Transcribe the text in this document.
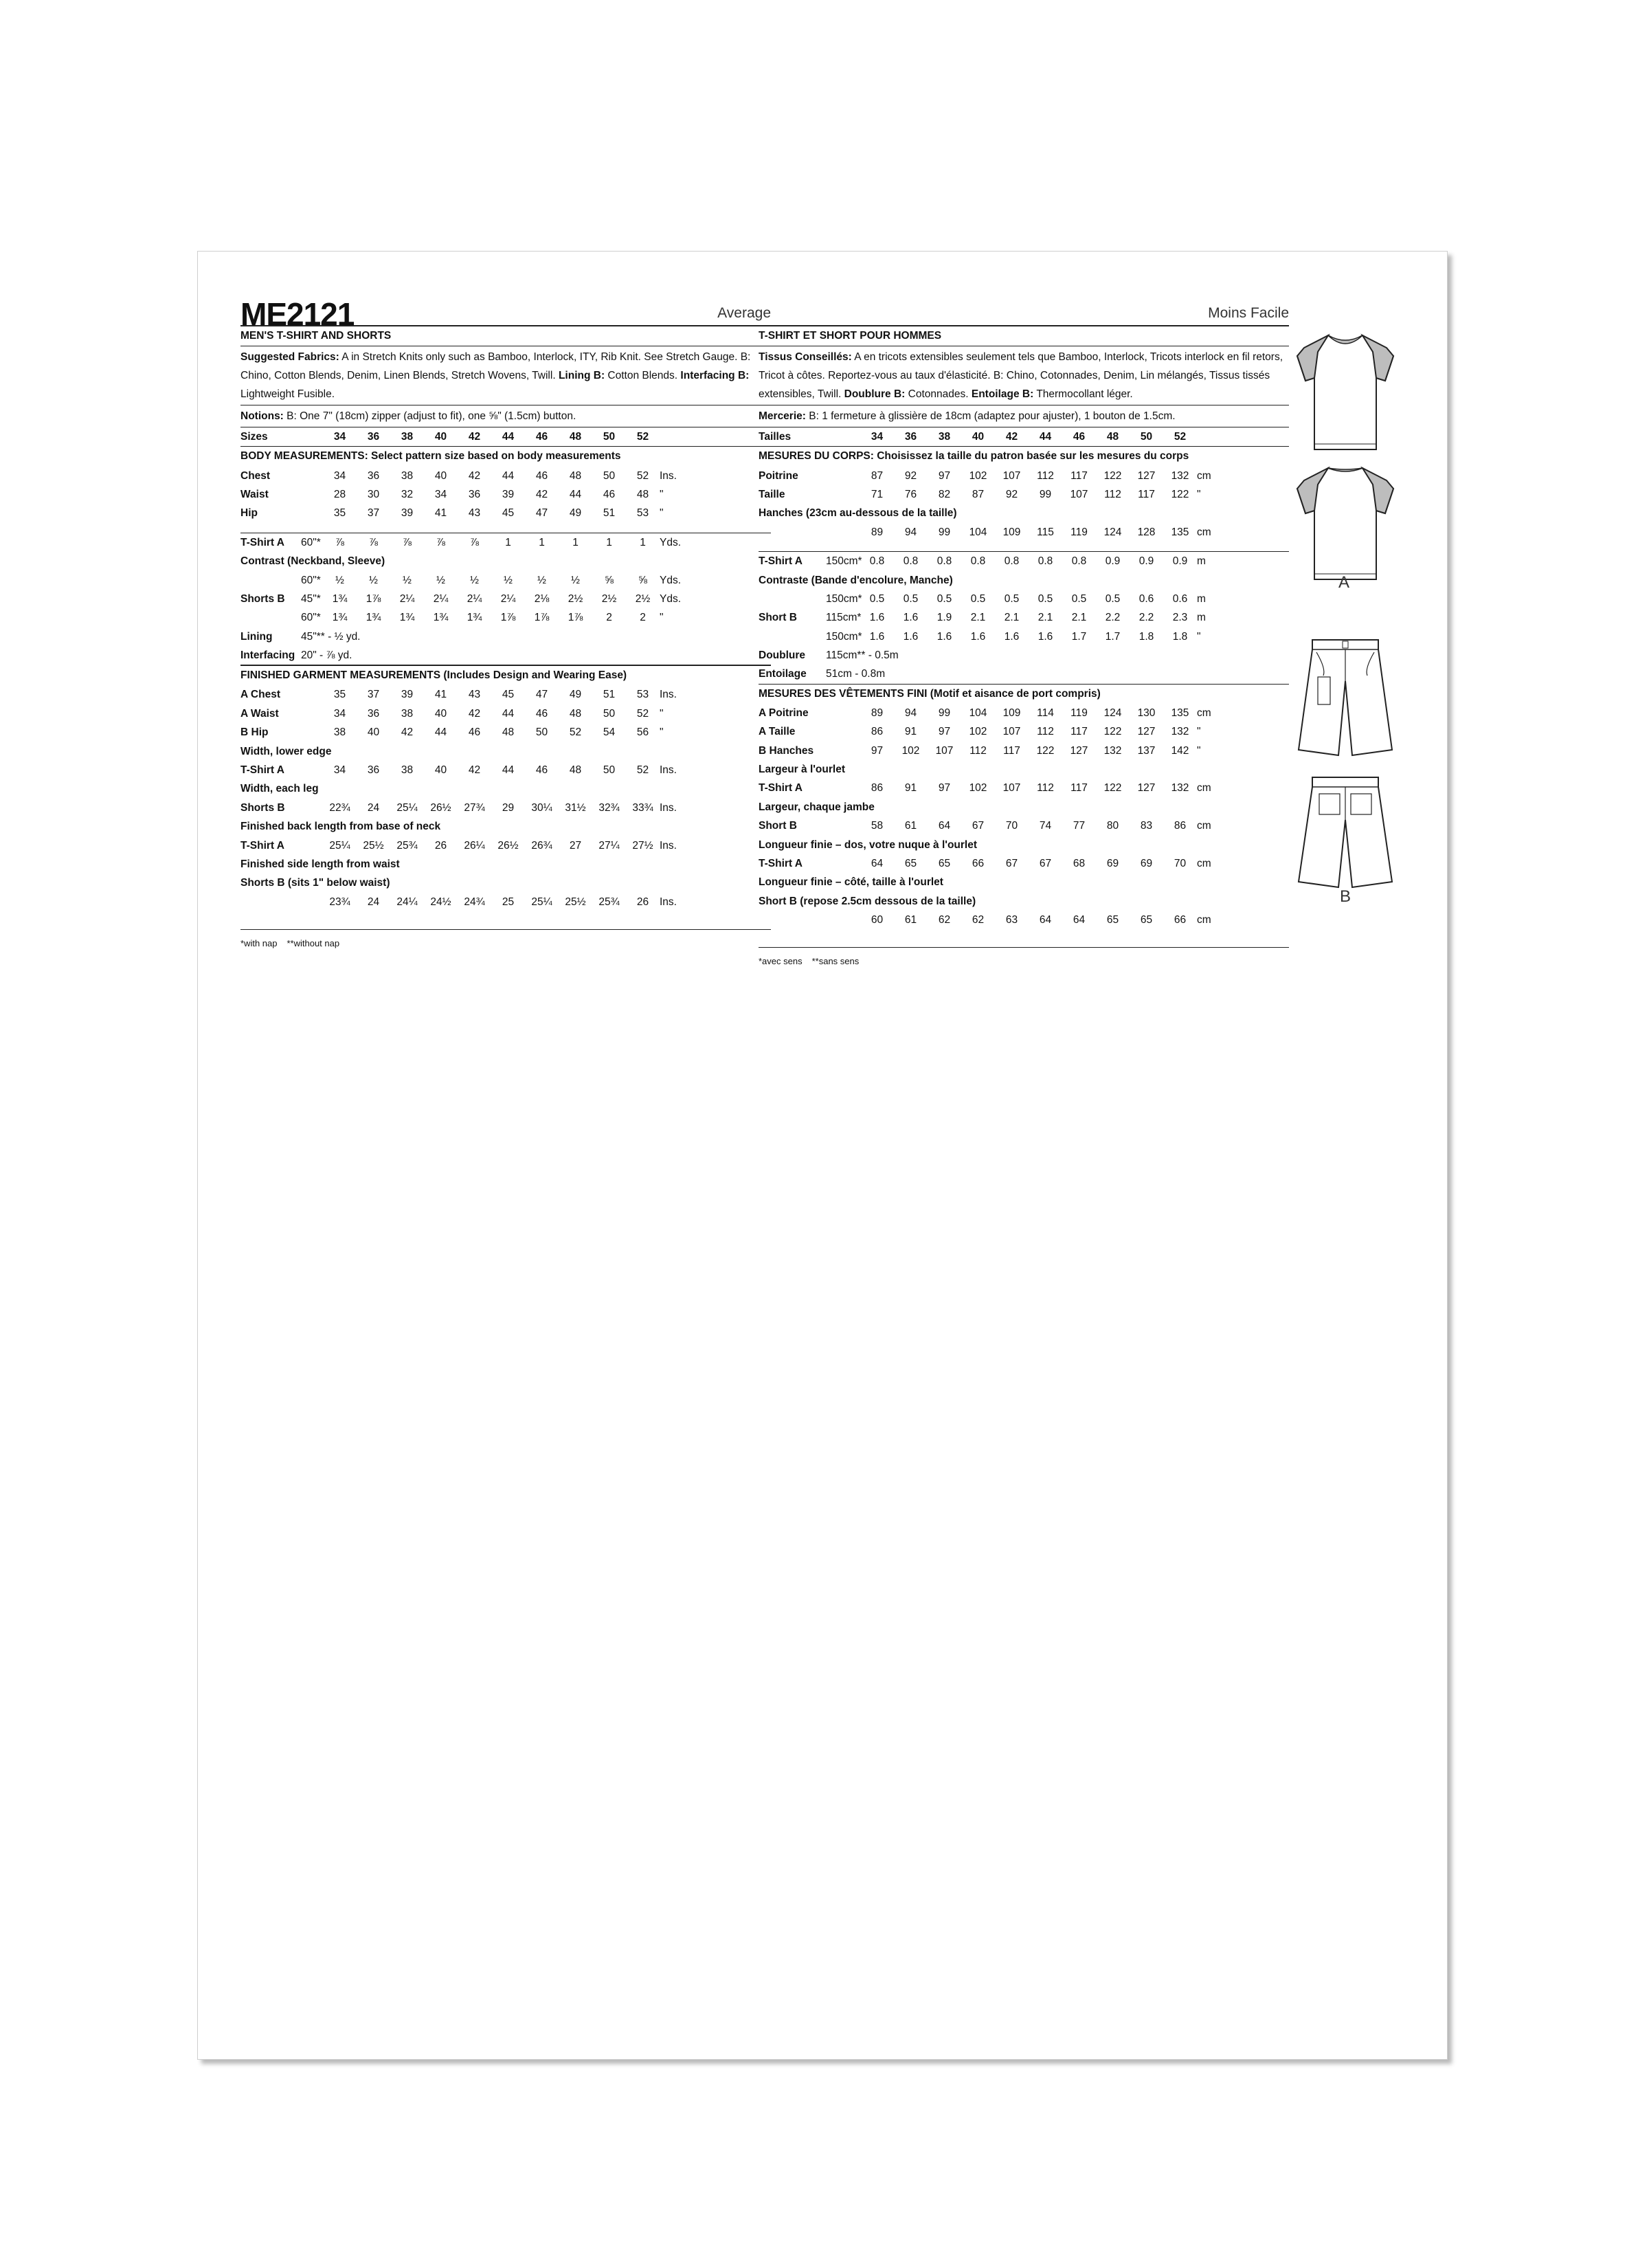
ME2121	Average
MEN'S T-SHIRT AND SHORTS
Suggested Fabrics: A in Stretch Knits only such as Bamboo, Interlock, ITY, Rib Knit. See Stretch Gauge. B: Chino, Cotton Blends, Denim, Linen Blends, Stretch Wovens, Twill. Lining B: Cotton Blends. Interfacing B: Lightweight Fusible.
Notions: B: One 7" (18cm) zipper (adjust to fit), one ⅝" (1.5cm) button.
Sizes		34	36	38	40	42	44	46	48	50	52	
BODY MEASUREMENTS: Select pattern size based on body measurements
Chest		34	36	38	40	42	44	46	48	50	52	Ins.
Waist		28	30	32	34	36	39	42	44	46	48	"
Hip		35	37	39	41	43	45	47	49	51	53	"
T-Shirt A	60"*	⅞	⅞	⅞	⅞	⅞	1	1	1	1	1	Yds.
Contrast (Neckband, Sleeve)												
	60"*	½	½	½	½	½	½	½	½	⅝	⅝	Yds.
Shorts B	45"*	1¾	1⅞	2¼	2¼	2¼	2¼	2⅛	2½	2½	2½	Yds.
	60"*	1¾	1¾	1¾	1¾	1¾	1⅞	1⅞	1⅞	2	2	"
Lining	45"** - ½ yd.
Interfacing	20" - ⅞ yd.
FINISHED GARMENT MEASUREMENTS (Includes Design and Wearing Ease)
A Chest		35	37	39	41	43	45	47	49	51	53	Ins.
A Waist		34	36	38	40	42	44	46	48	50	52	"
B Hip		38	40	42	44	46	48	50	52	54	56	"
Width, lower edge												
T-Shirt A		34	36	38	40	42	44	46	48	50	52	Ins.
Width, each leg												
Shorts B		22¾	24	25¼	26½	27¾	29	30¼	31½	32¾	33¾	Ins.
Finished back length from base of neck												
T-Shirt A		25¼	25½	25¾	26	26¼	26½	26¾	27	27¼	27½	Ins.
Finished side length from waist												
Shorts B (sits 1" below waist)												
		23¾	24	24¼	24½	24¾	25	25¼	25½	25¾	26	Ins.
*with nap **without nap
Moins Facile
T-SHIRT ET SHORT POUR HOMMES
Tissus Conseillés: A en tricots extensibles seulement tels que Bamboo, Interlock, Tricots interlock en fil retors, Tricot à côtes. Reportez-vous au taux d'élasticité. B: Chino, Cotonnades, Denim, Lin mélangés, Tissus tissés extensibles, Twill. Doublure B: Cotonnades. Entoilage B: Thermocollant léger.
Mercerie: B: 1 fermeture à glissière de 18cm (adaptez pour ajuster), 1 bouton de 1.5cm.
Tailles		34	36	38	40	42	44	46	48	50	52	
MESURES DU CORPS: Choisissez la taille du patron basée sur les mesures du corps
Poitrine		87	92	97	102	107	112	117	122	127	132	cm
Taille		71	76	82	87	92	99	107	112	117	122	"
Hanches (23cm au-dessous de la taille)												
		89	94	99	104	109	115	119	124	128	135	cm
T-Shirt A	150cm*	0.8	0.8	0.8	0.8	0.8	0.8	0.8	0.9	0.9	0.9	m
Contraste (Bande d'encolure, Manche)												
	150cm*	0.5	0.5	0.5	0.5	0.5	0.5	0.5	0.5	0.6	0.6	m
Short B	115cm*	1.6	1.6	1.9	2.1	2.1	2.1	2.1	2.2	2.2	2.3	m
	150cm*	1.6	1.6	1.6	1.6	1.6	1.6	1.7	1.7	1.8	1.8	"
Doublure	115cm** - 0.5m
Entoilage	51cm - 0.8m
MESURES DES VÊTEMENTS FINI (Motif et aisance de port compris)
A Poitrine		89	94	99	104	109	114	119	124	130	135	cm
A Taille		86	91	97	102	107	112	117	122	127	132	"
B Hanches		97	102	107	112	117	122	127	132	137	142	"
Largeur à l'ourlet												
T-Shirt A		86	91	97	102	107	112	117	122	127	132	cm
Largeur, chaque jambe												
Short B		58	61	64	67	70	74	77	80	83	86	cm
Longueur finie – dos, votre nuque à l'ourlet												
T-Shirt A		64	65	65	66	67	67	68	69	69	70	cm
Longueur finie – côté, taille à l'ourlet												
Short B (repose 2.5cm dessous de la taille)												
		60	61	62	62	63	64	64	65	65	66	cm
*avec sens **sans sens
A
B
